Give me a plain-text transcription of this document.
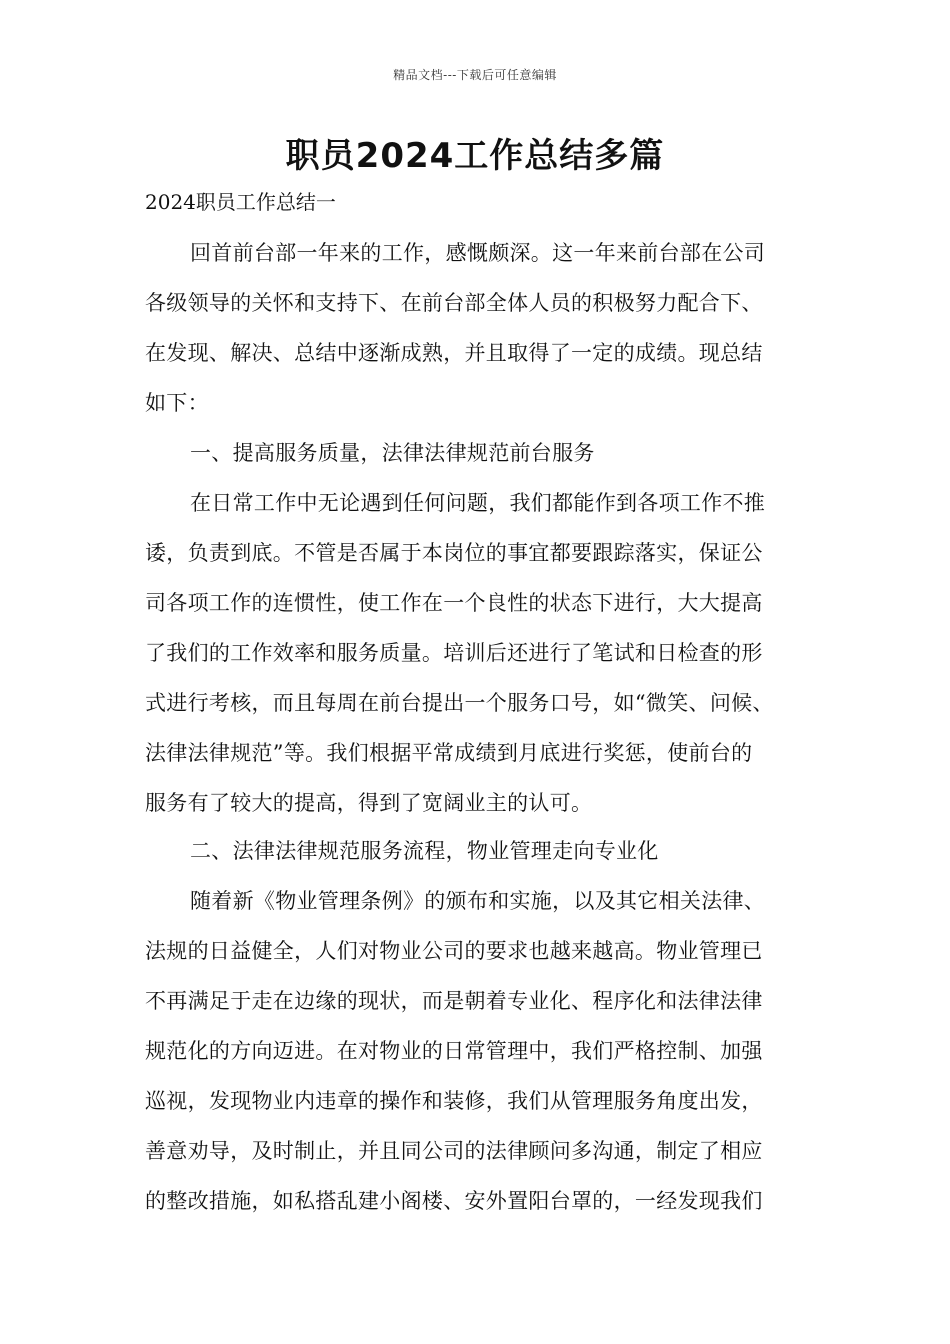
精品文档---下载后可任意编辑
职员2024工作总结多篇
2024职员工作总结一
回首前台部一年来的工作，感慨颇深。这一年来前台部在公司
各级领导的关怀和支持下、在前台部全体人员的积极努力配合下、
在发现、解决、总结中逐渐成熟，并且取得了一定的成绩。现总结
如下：
一、提高服务质量，法律法律规范前台服务
在日常工作中无论遇到任何问题，我们都能作到各项工作不推
诿，负责到底。不管是否属于本岗位的事宜都要跟踪落实，保证公
司各项工作的连惯性，使工作在一个良性的状态下进行，大大提高
了我们的工作效率和服务质量。培训后还进行了笔试和日检查的形
式进行考核，而且每周在前台提出一个服务口号，如“微笑、问候、
法律法律规范”等。我们根据平常成绩到月底进行奖惩，使前台的
服务有了较大的提高，得到了宽阔业主的认可。
二、法律法律规范服务流程，物业管理走向专业化
随着新《物业管理条例》的颁布和实施，以及其它相关法律、
法规的日益健全，人们对物业公司的要求也越来越高。物业管理已
不再满足于走在边缘的现状，而是朝着专业化、程序化和法律法律
规范化的方向迈进。在对物业的日常管理中，我们严格控制、加强
巡视，发现物业内违章的操作和装修，我们从管理服务角度出发，
善意劝导，及时制止，并且同公司的法律顾问多沟通，制定了相应
的整改措施，如私搭乱建小阁楼、安外置阳台罩的，一经发现我们
